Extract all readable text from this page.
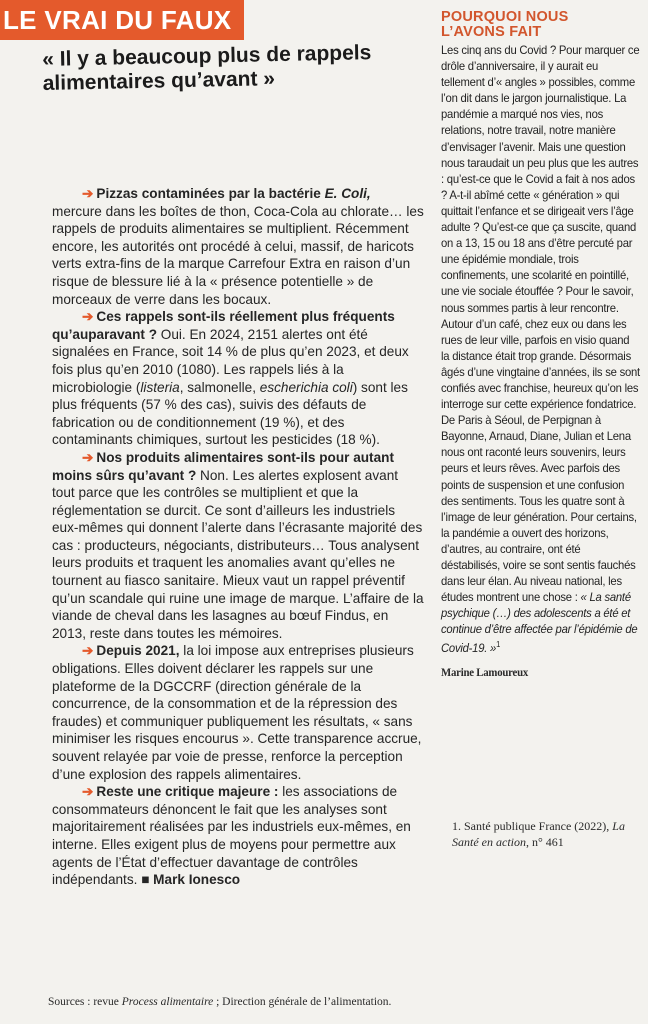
LE VRAI DU FAUX
« Il y a beaucoup plus de rappels alimentaires qu’avant »

➔ Pizzas contaminées par la bactérie E. Coli, mercure dans les boîtes de thon, Coca-Cola au chlorate… les rappels de produits alimentaires se multiplient. Récemment encore, les autorités ont procédé à celui, massif, de haricots verts extra-fins de la marque Carrefour Extra en raison d’un risque de blessure lié à la « présence potentielle » de morceaux de verre dans les bocaux.

➔ Ces rappels sont-ils réellement plus fréquents qu’auparavant ? Oui. En 2024, 2151 alertes ont été signalées en France, soit 14 % de plus qu’en 2023, et deux fois plus qu’en 2010 (1080). Les rappels liés à la microbiologie (listeria, salmonelle, escherichia coli) sont les plus fréquents (57 % des cas), suivis des défauts de fabrication ou de conditionnement (19 %), et des contaminants chimiques, surtout les pesticides (18 %).

➔ Nos produits alimentaires sont-ils pour autant moins sûrs qu’avant ? Non. Les alertes explosent avant tout parce que les contrôles se multiplient et que la réglementation se durcit. Ce sont d’ailleurs les industriels eux-mêmes qui donnent l’alerte dans l’écrasante majorité des cas : producteurs, négociants, distributeurs… Tous analysent leurs produits et traquent les anomalies avant qu’elles ne tournent au fiasco sanitaire. Mieux vaut un rappel préventif qu’un scandale qui ruine une image de marque. L’affaire de la viande de cheval dans les lasagnes au bœuf Findus, en 2013, reste dans toutes les mémoires.

➔ Depuis 2021, la loi impose aux entreprises plusieurs obligations. Elles doivent déclarer les rappels sur une plateforme de la DGCCRF (direction générale de la concurrence, de la consommation et de la répression des fraudes) et communiquer publiquement les résultats, « sans minimiser les risques encourus ». Cette transparence accrue, souvent relayée par voie de presse, renforce la perception d’une explosion des rappels alimentaires.

➔ Reste une critique majeure : les associations de consommateurs dénoncent le fait que les analyses sont majoritairement réalisées par les industriels eux-mêmes, en interne. Elles exigent plus de moyens pour permettre aux agents de l’État d’effectuer davantage de contrôles indépendants. ■ Mark Ionesco

Sources : revue Process alimentaire ; Direction générale de l’alimentation.
POURQUOI NOUS L’AVONS FAIT
Les cinq ans du Covid ? Pour marquer ce drôle d’anniversaire, il y aurait eu tellement d’« angles » possibles, comme l’on dit dans le jargon journalistique. La pandémie a marqué nos vies, nos relations, notre travail, notre manière d’envisager l’avenir. Mais une question nous taraudait un peu plus que les autres : qu’est-ce que le Covid a fait à nos ados ? A-t-il abîmé cette « génération » qui quittait l’enfance et se dirigeait vers l’âge adulte ? Qu’est-ce que ça suscite, quand on a 13, 15 ou 18 ans d’être percuté par une épidémie mondiale, trois confinements, une scolarité en pointillé, une vie sociale étouffée ? Pour le savoir, nous sommes partis à leur rencontre. Autour d’un café, chez eux ou dans les rues de leur ville, parfois en visio quand la distance était trop grande. Désormais âgés d’une vingtaine d’années, ils se sont confiés avec franchise, heureux qu’on les interroge sur cette expérience fondatrice. De Paris à Séoul, de Perpignan à Bayonne, Arnaud, Diane, Julian et Lena nous ont raconté leurs souvenirs, leurs peurs et leurs rêves. Avec parfois des points de suspension et une confusion des sentiments. Tous les quatre sont à l’image de leur génération. Pour certains, la pandémie a ouvert des horizons, d’autres, au contraire, ont été déstabilisés, voire se sont sentis fauchés dans leur élan. Au niveau national, les études montrent une chose : « La santé psychique (…) des adolescents a été et continue d’être affectée par l’épidémie de Covid-19. »$^1$
Marine Lamoureux
1. Santé publique France (2022), La Santé en action, n° 461
